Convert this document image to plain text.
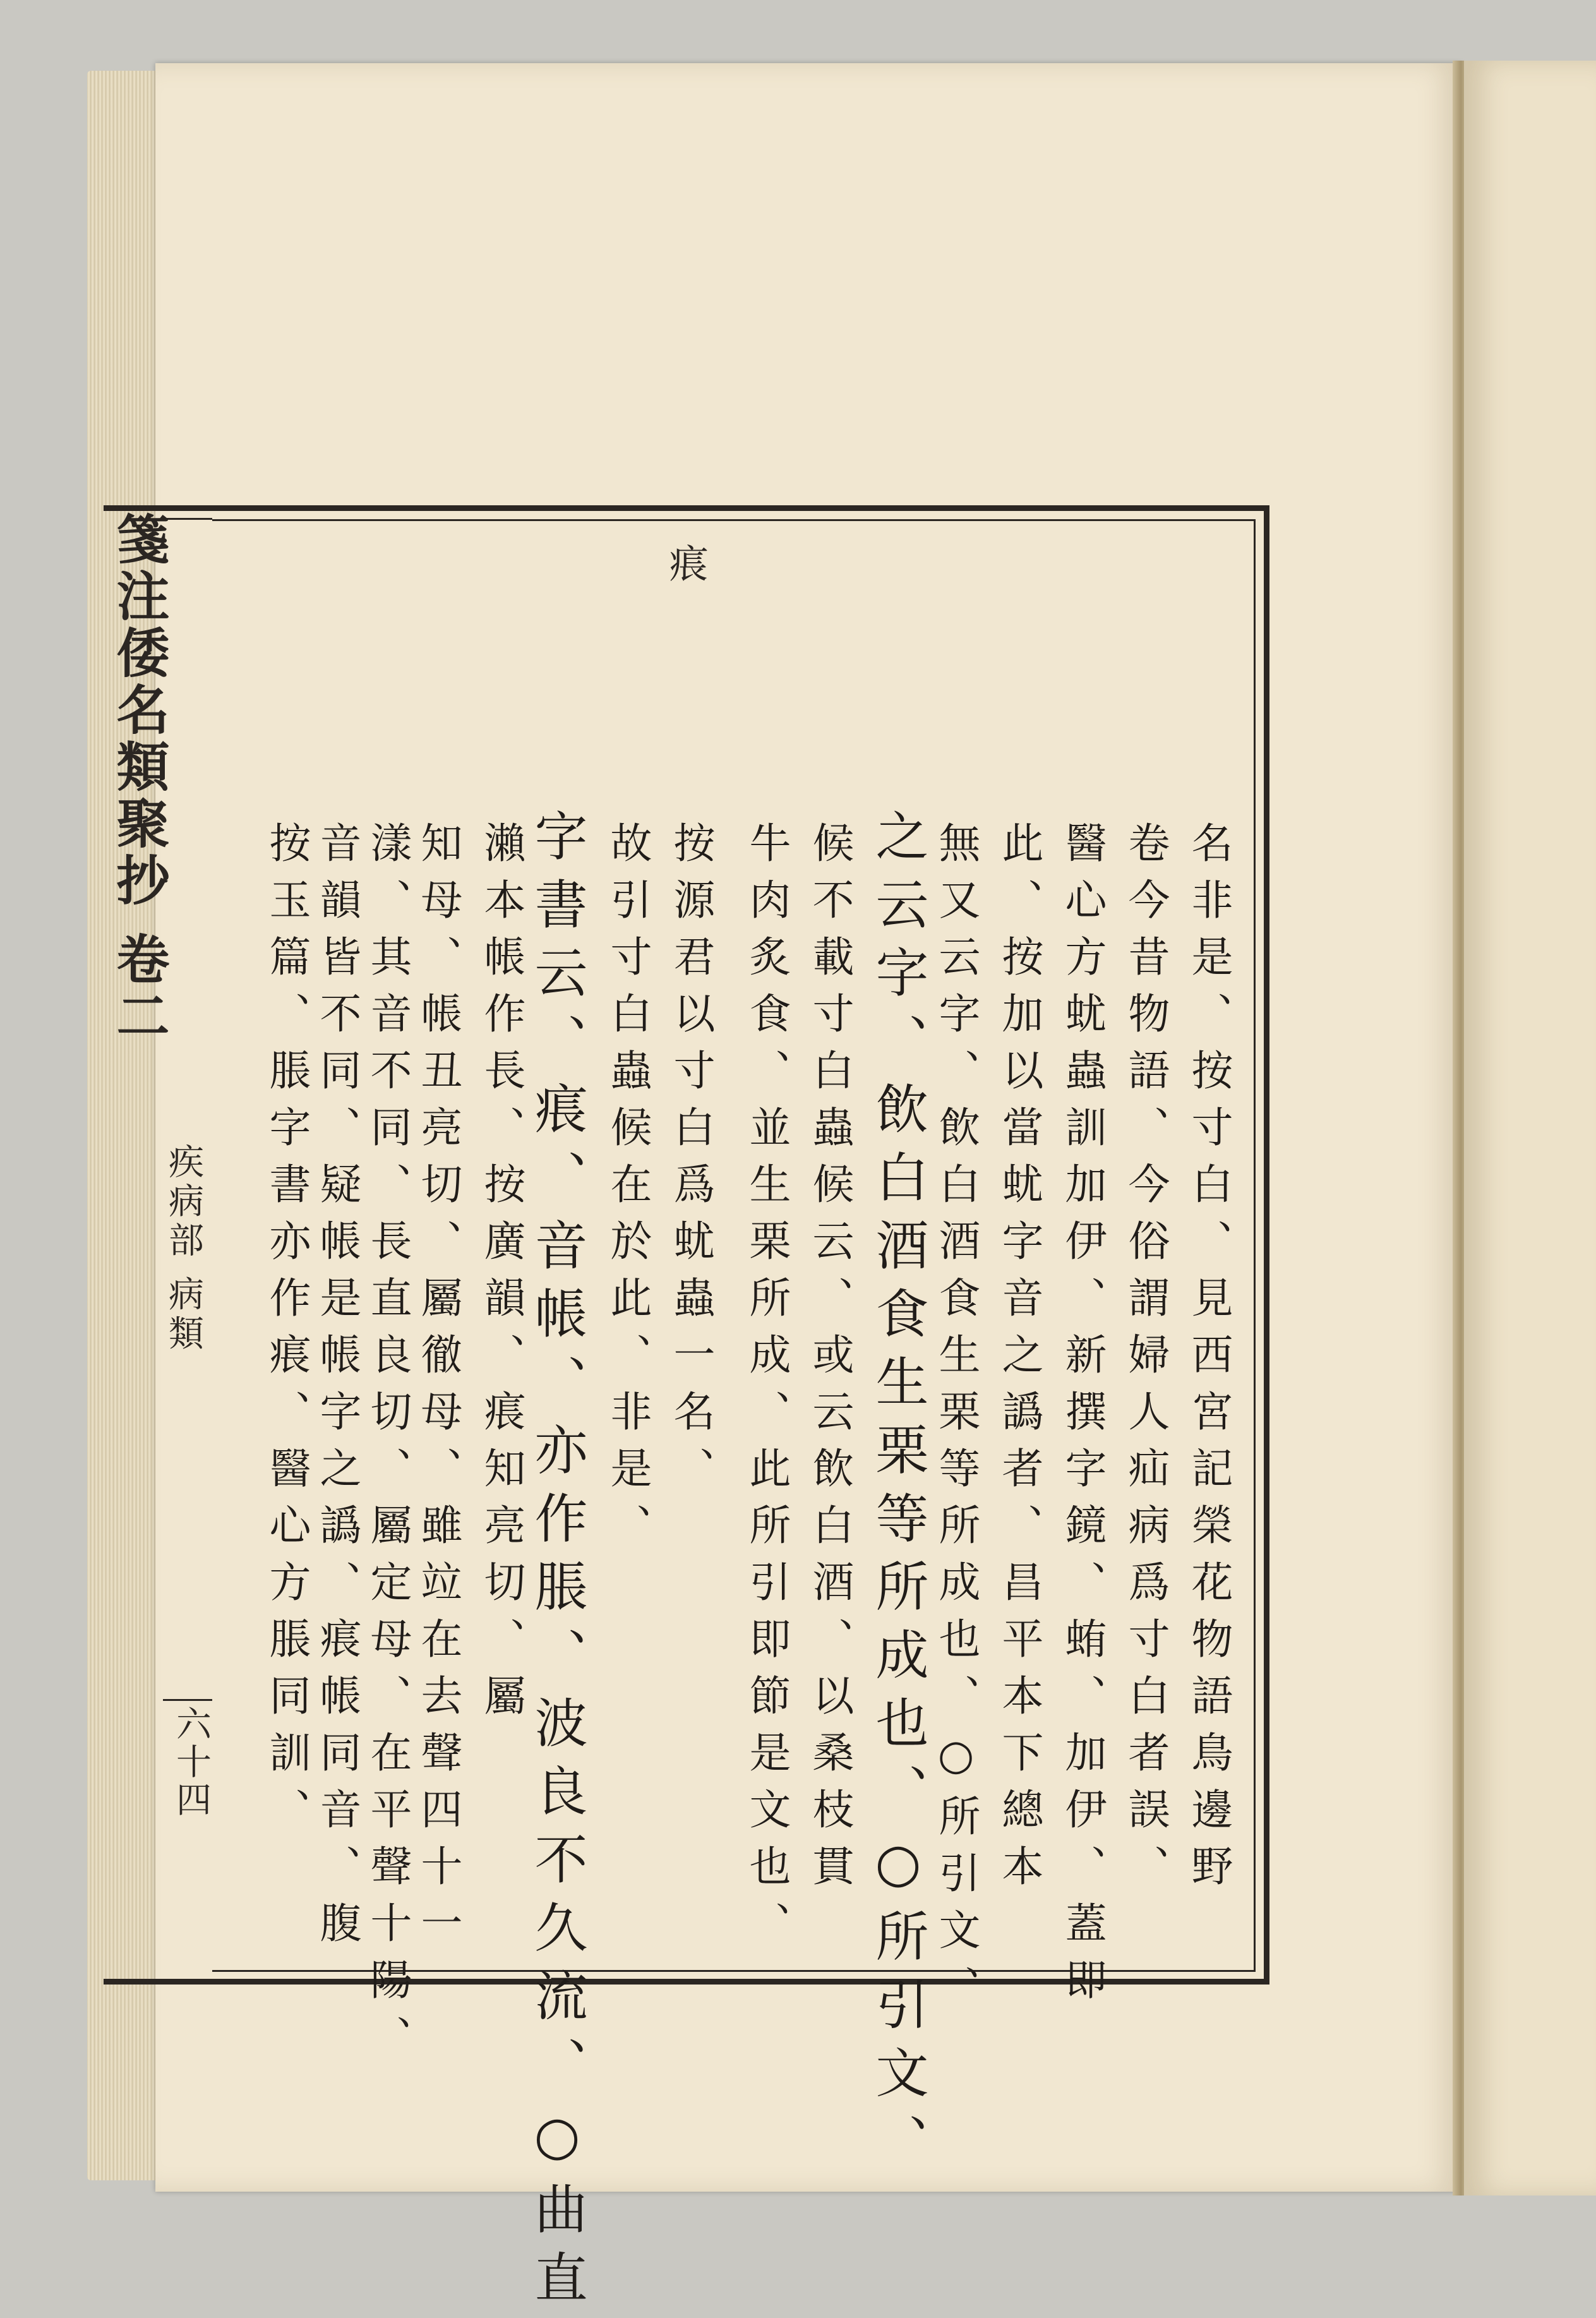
箋注倭名類聚抄 卷二
疾病部 病類
六十四
痮
名非是、按寸白、見西宮記榮花物語鳥邊野
卷今昔物語、今俗謂婦人疝病爲寸白者誤、
醫心方蚘蟲訓加伊、新撰字鏡、蛕、加伊、蓋即
此、按加以當蚘字音之譌者、昌平本下總本
無又云字、飲白酒食生栗等所成也、○所引文、
之云字、飲白酒食生栗等所成也、○所引文、
候不載寸白蟲候云、或云飲白酒、以桑枝貫
牛肉炙食、並生栗所成、此所引即節是文也、
按源君以寸白爲蚘蟲一名、
故引寸白蟲候在於此、非是、
字書云、痮、音帳、亦作脹、波良不久流、○曲直
瀨本帳作長、按廣韻、痮知亮切、屬
知母、帳丑亮切、屬徹母、雖竝在去聲四十一
漾、其音不同、長直良切、屬定母、在平聲十陽、
音韻皆不同、疑帳是帳字之譌、痮帳同音、腹
按玉篇、脹字書亦作痮、醫心方脹同訓、
